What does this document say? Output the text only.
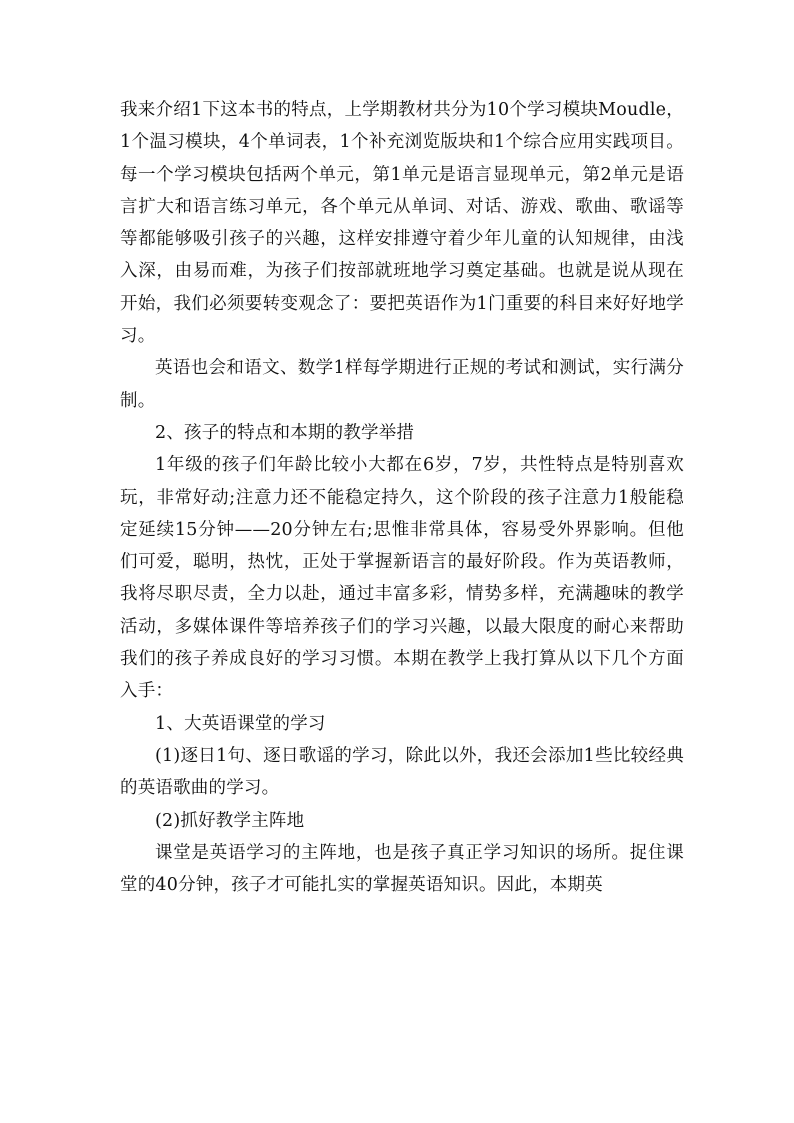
我来介绍1下这本书的特点，上学期教材共分为10个学习模块Moudle，1个温习模块，4个单词表，1个补充浏览版块和1个综合应用实践项目。每一个学习模块包括两个单元，第1单元是语言显现单元，第2单元是语言扩大和语言练习单元，各个单元从单词、对话、游戏、歌曲、歌谣等等都能够吸引孩子的兴趣，这样安排遵守着少年儿童的认知规律，由浅入深，由易而难，为孩子们按部就班地学习奠定基础。也就是说从现在开始，我们必须要转变观念了：要把英语作为1门重要的科目来好好地学习。

英语也会和语文、数学1样每学期进行正规的考试和测试，实行满分制。

2、孩子的特点和本期的教学举措

1年级的孩子们年龄比较小大都在6岁，7岁，共性特点是特别喜欢玩，非常好动;注意力还不能稳定持久，这个阶段的孩子注意力1般能稳定延续15分钟——20分钟左右;思惟非常具体，容易受外界影响。但他们可爱，聪明，热忱，正处于掌握新语言的最好阶段。作为英语教师，我将尽职尽责，全力以赴，通过丰富多彩，情势多样，充满趣味的教学活动，多媒体课件等培养孩子们的学习兴趣，以最大限度的耐心来帮助我们的孩子养成良好的学习习惯。本期在教学上我打算从以下几个方面入手：

1、大英语课堂的学习

(1)逐日1句、逐日歌谣的学习，除此以外，我还会添加1些比较经典的英语歌曲的学习。

(2)抓好教学主阵地

课堂是英语学习的主阵地，也是孩子真正学习知识的场所。捉住课堂的40分钟，孩子才可能扎实的掌握英语知识。因此，本期英
